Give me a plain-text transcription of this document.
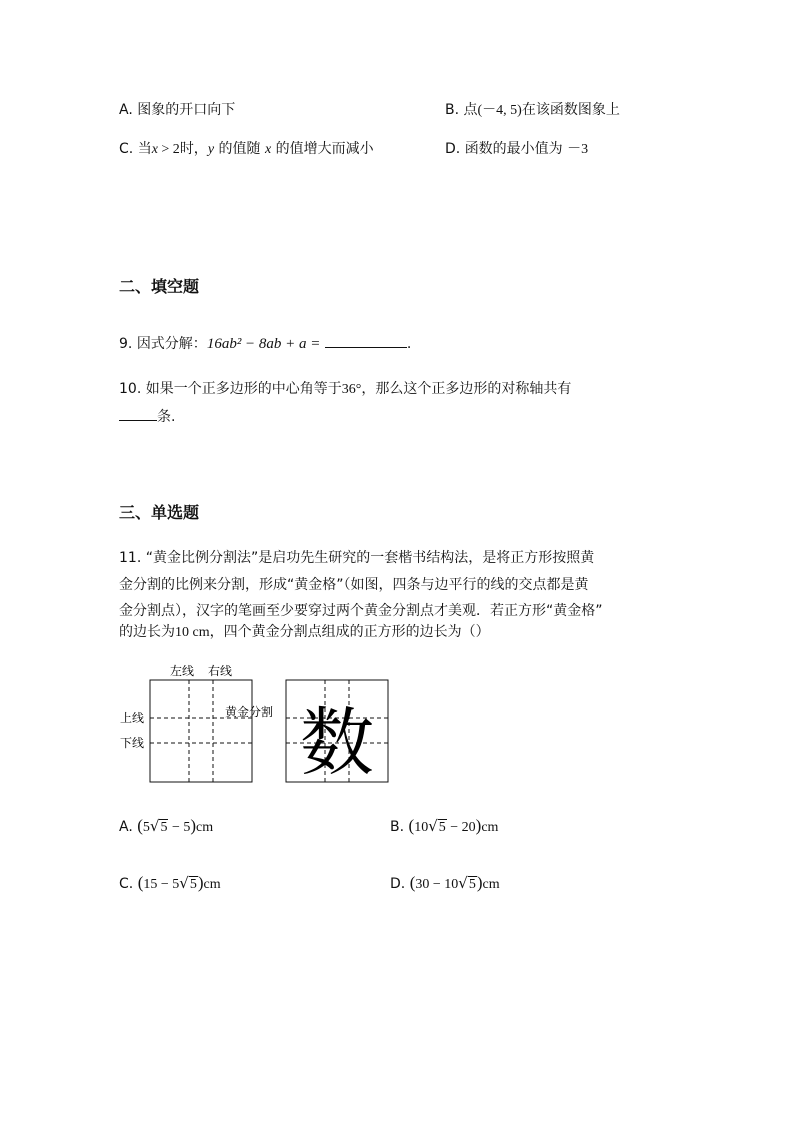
A. 图象的开口向下	B. 点(－4, 5)在该函数图象上
C. 当x > 2时，y 的值随 x 的值增大而减小	D. 函数的最小值为 －3
二、填空题
9. 因式分解：16ab² − 8ab + a =	.
10. 如果一个正多边形的中心角等于36°，那么这个正多边形的对称轴共有
条.
三、单选题
11. “黄金比例分割法”是启功先生研究的一套楷书结构法，是将正方形按照黄
金分割的比例来分割，形成“黄金格”（如图，四条与边平行的线的交点都是黄
金分割点），汉字的笔画至少要穿过两个黄金分割点才美观．若正方形“黄金格”
的边长为10 cm，四个黄金分割点组成的正方形的边长为（）
左线 右线
上线
下线
黄金分割 数
A. (5√5 − 5)cm	B. (10√5 − 20)cm
C. (15 − 5√5)cm	D. (30 − 10√5)cm
